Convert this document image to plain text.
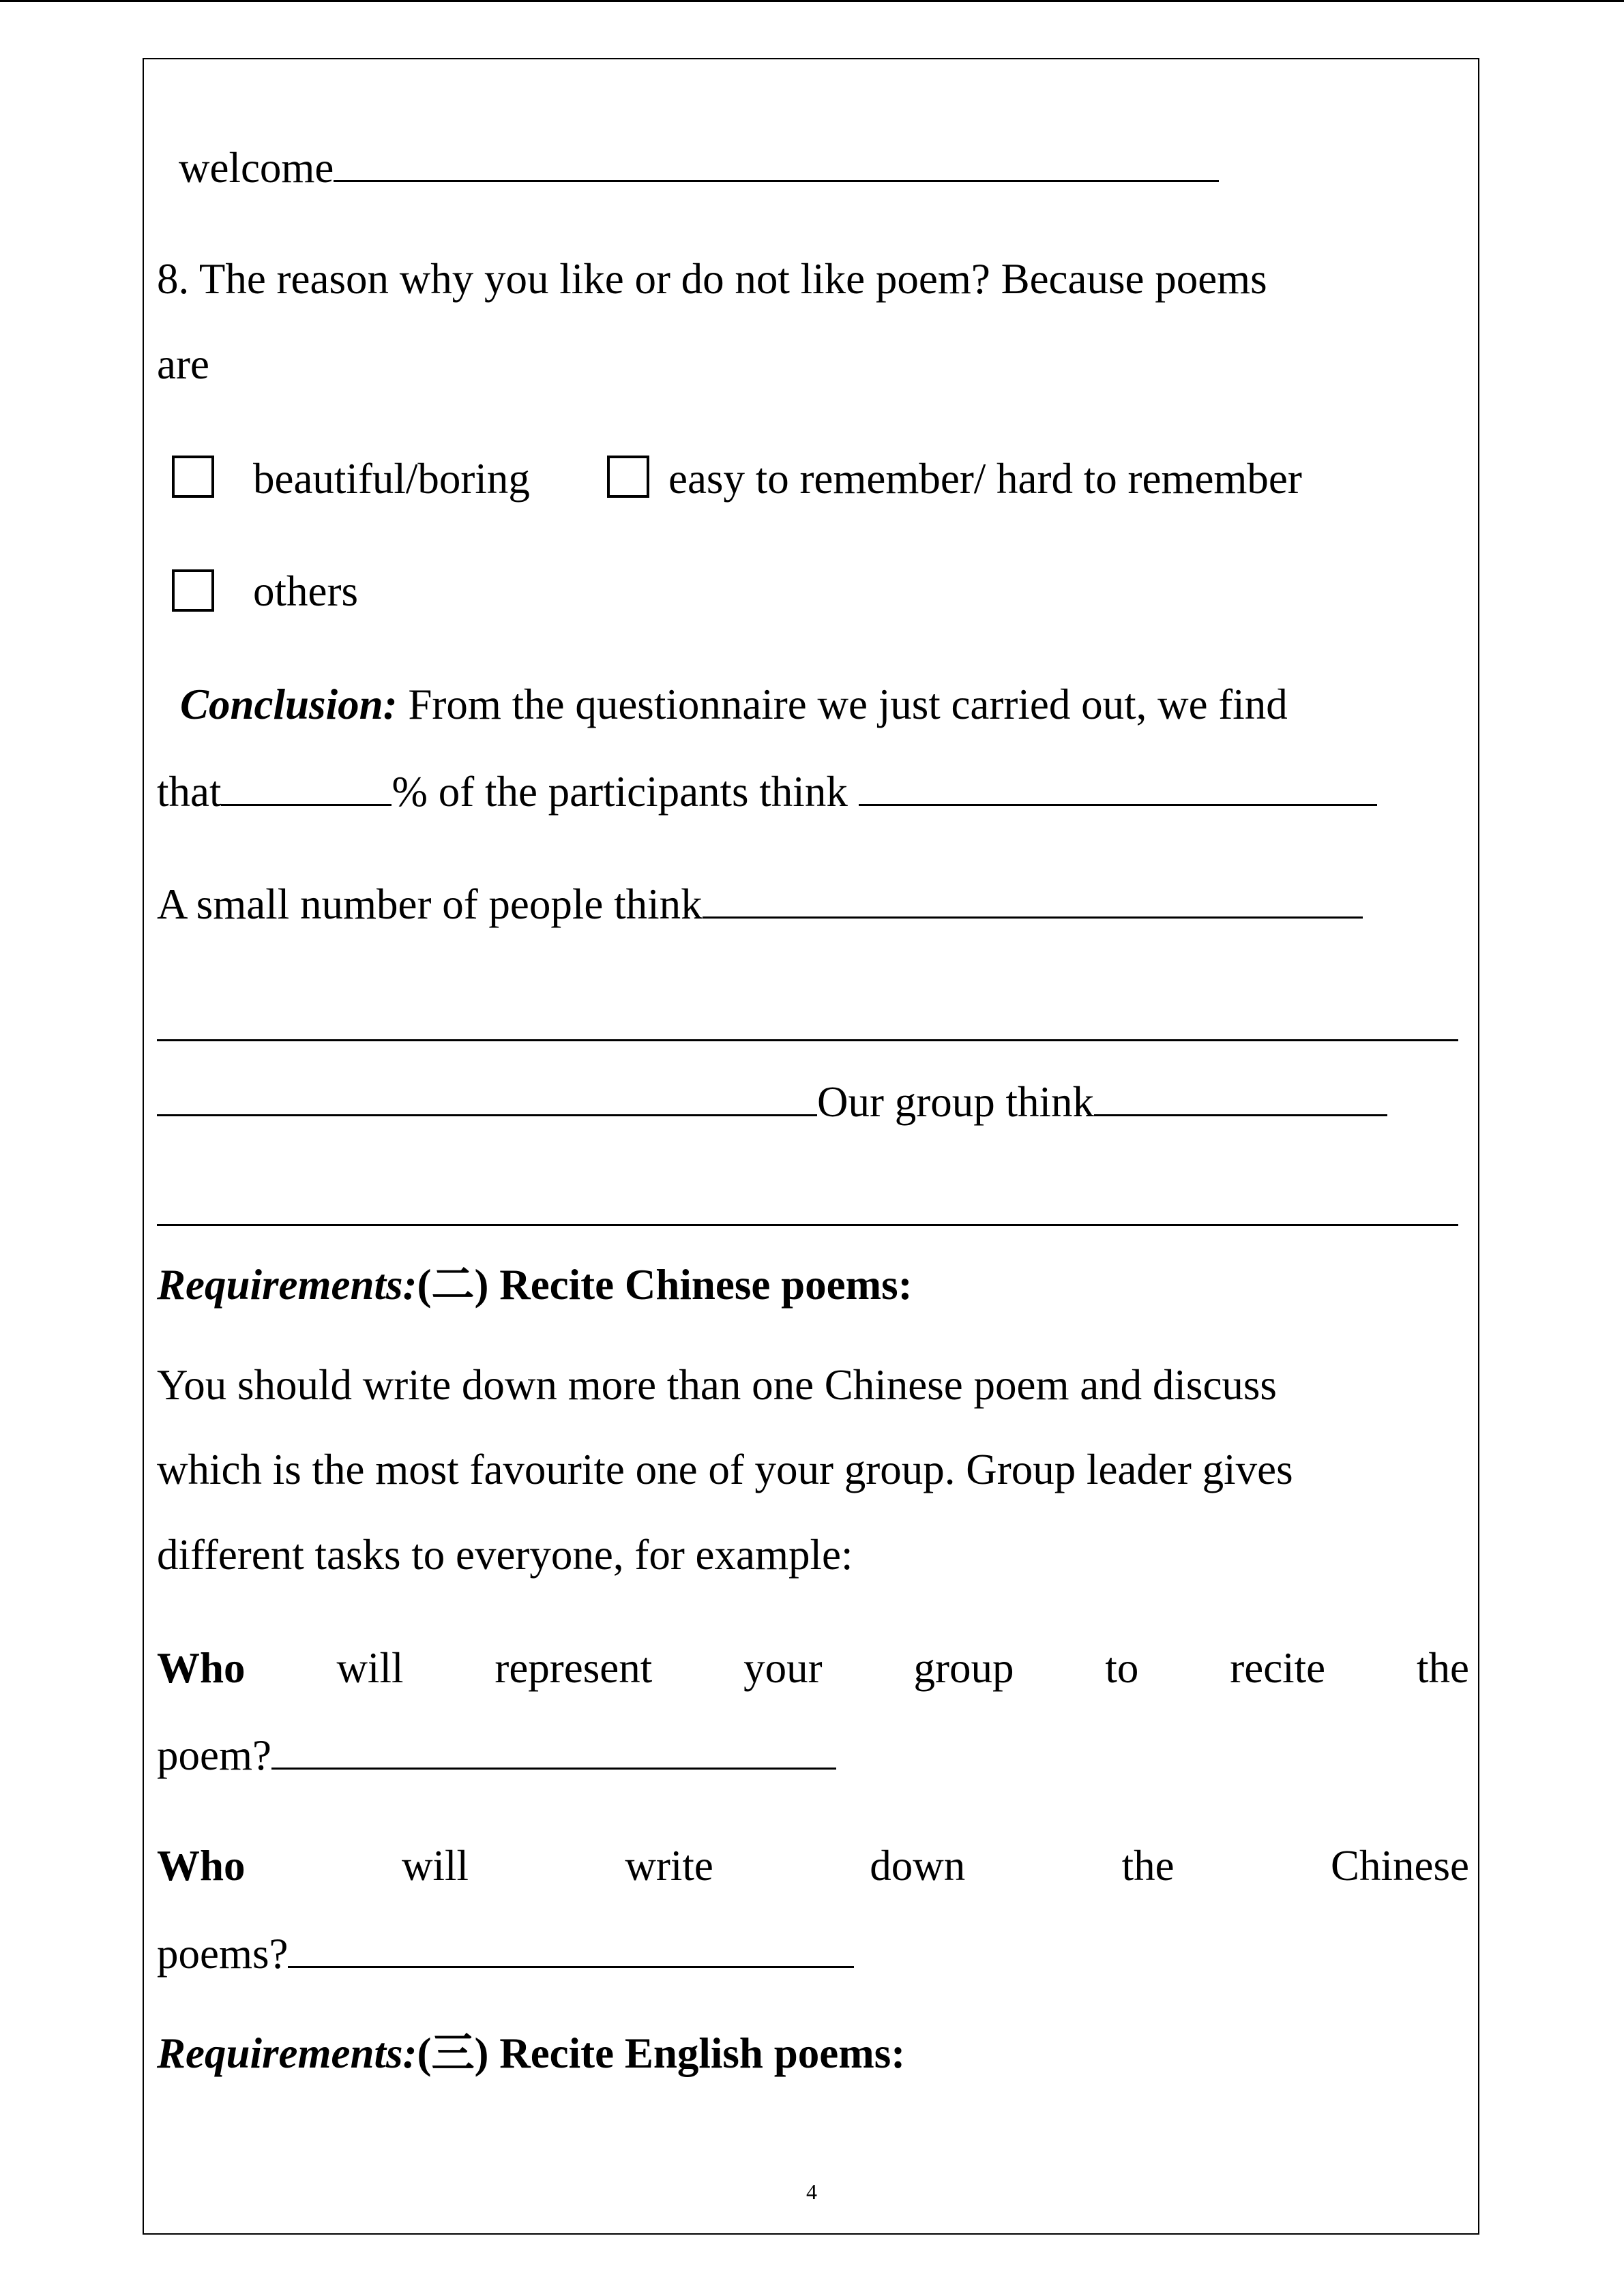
welcome
8. The reason why you like or do not like poem? Because poems
are
beautiful/boring	easy to remember/ hard to remember
others
Conclusion: From the questionnaire we just carried out, we find
that	% of the participants think
A small number of people think
Our group think
Requirements:(二) Recite Chinese poems:
You should write down more than one Chinese poem and discuss
which is the most favourite one of your group. Group leader gives
different tasks to everyone, for example:
Who will represent your group to recite the
poem?
Who	will	write	down	the	Chinese
poems?
Requirements:(三) Recite English poems:
4
